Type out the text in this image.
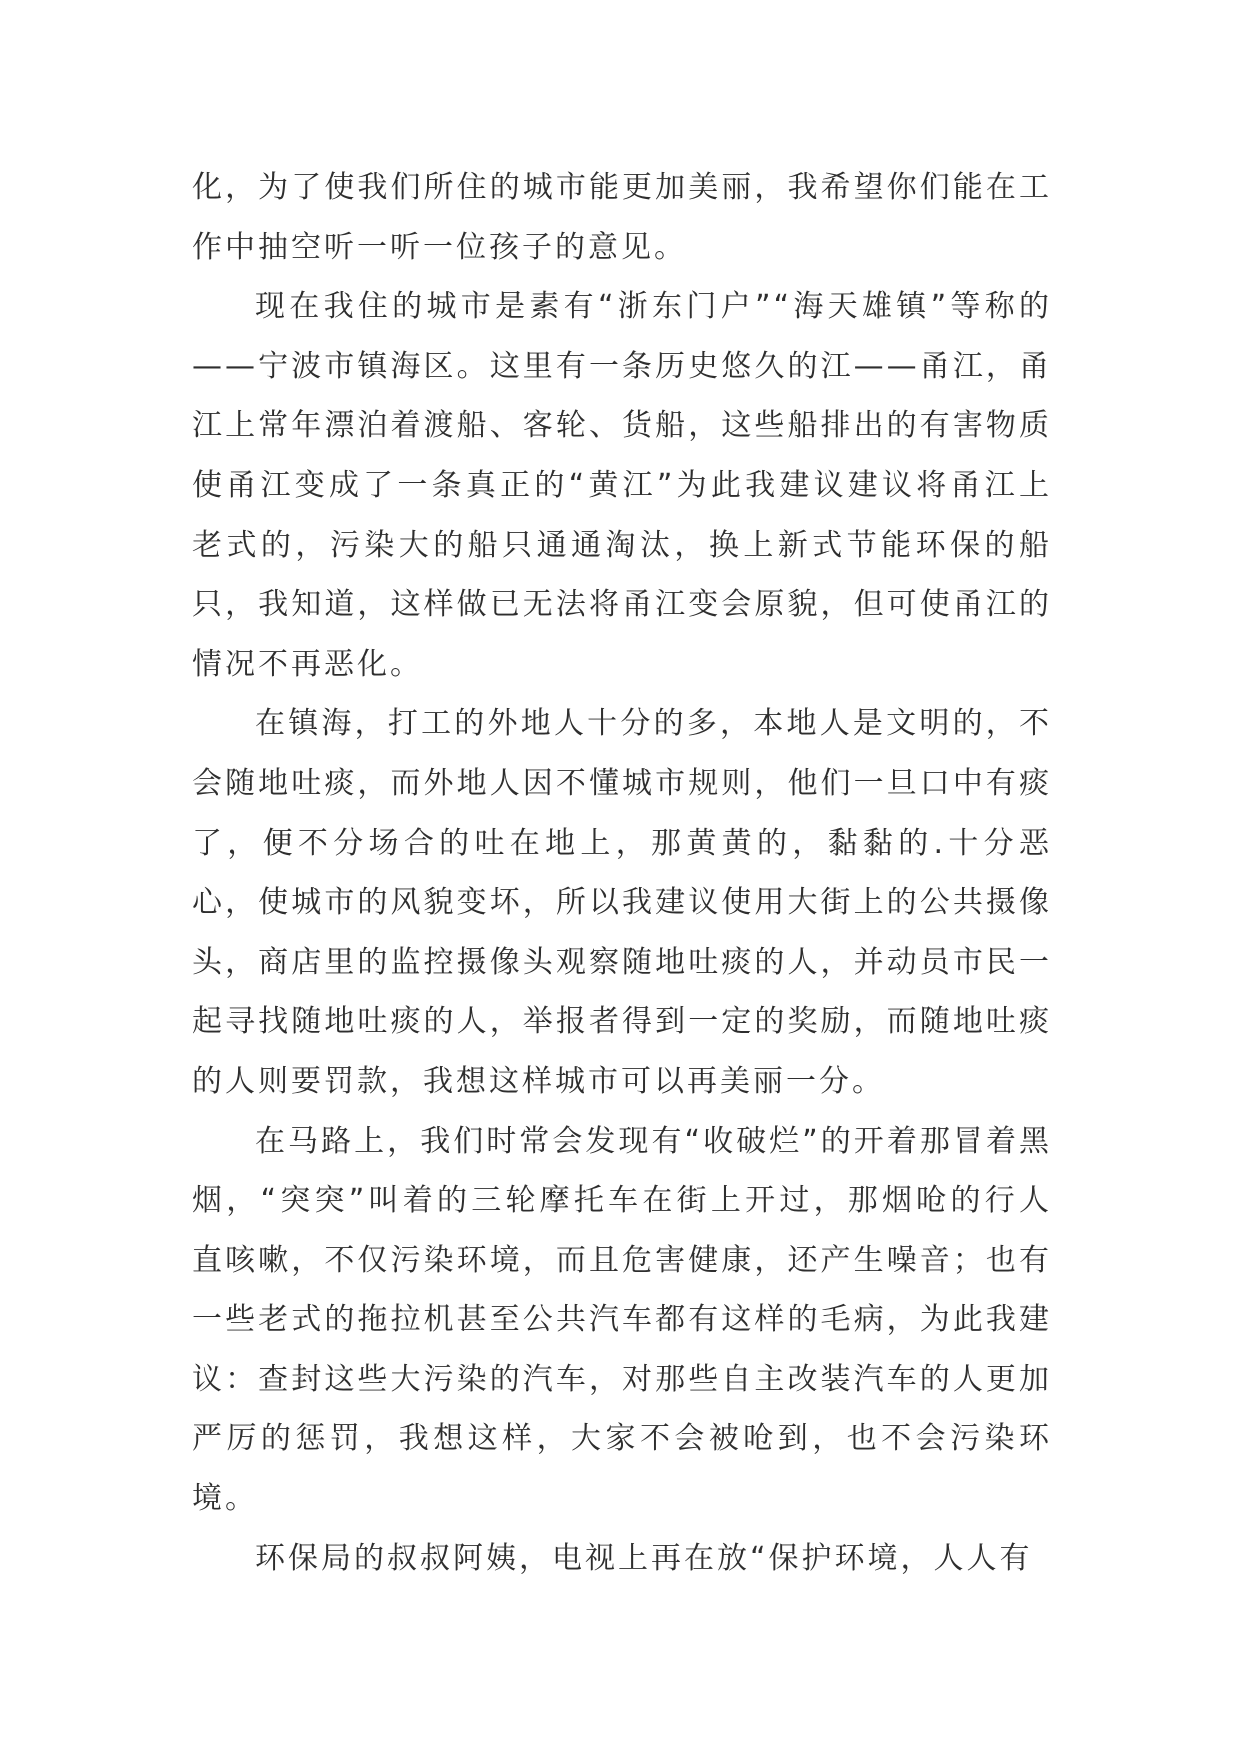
化，为了使我们所住的城市能更加美丽，我希望你们能在工作中抽空听一听一位孩子的意见。

现在我住的城市是素有“浙东门户”“海天雄镇”等称的——宁波市镇海区。这里有一条历史悠久的江——甬江，甬江上常年漂泊着渡船、客轮、货船，这些船排出的有害物质使甬江变成了一条真正的“黄江”为此我建议建议将甬江上老式的，污染大的船只通通淘汰，换上新式节能环保的船只，我知道，这样做已无法将甬江变会原貌，但可使甬江的情况不再恶化。

在镇海，打工的外地人十分的多，本地人是文明的，不会随地吐痰，而外地人因不懂城市规则，他们一旦口中有痰了，便不分场合的吐在地上，那黄黄的，黏黏的.十分恶心，使城市的风貌变坏，所以我建议使用大街上的公共摄像头，商店里的监控摄像头观察随地吐痰的人，并动员市民一起寻找随地吐痰的人，举报者得到一定的奖励，而随地吐痰的人则要罚款，我想这样城市可以再美丽一分。

在马路上，我们时常会发现有“收破烂”的开着那冒着黑烟，“突突”叫着的三轮摩托车在街上开过，那烟呛的行人直咳嗽，不仅污染环境，而且危害健康，还产生噪音；也有一些老式的拖拉机甚至公共汽车都有这样的毛病，为此我建议：查封这些大污染的汽车，对那些自主改装汽车的人更加严厉的惩罚，我想这样，大家不会被呛到，也不会污染环境。

环保局的叔叔阿姨，电视上再在放“保护环境，人人有
